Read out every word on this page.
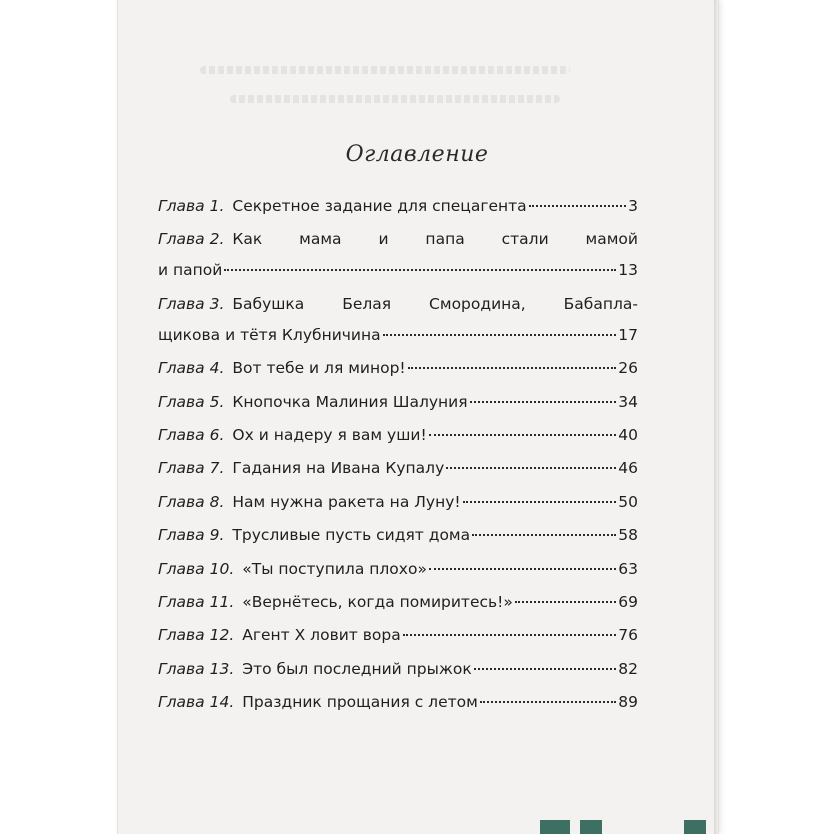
Оглавление
Глава 1. Секретное задание для спецагента	3
Глава 2. Как мама и папа стали мамой
и папой	13
Глава 3. Бабушка Белая Смородина, Бабапла-
щикова и тётя Клубничина	17
Глава 4. Вот тебе и ля минор!	26
Глава 5. Кнопочка Малиния Шалуния	34
Глава 6. Ох и надеру я вам уши!	40
Глава 7. Гадания на Ивана Купалу	46
Глава 8. Нам нужна ракета на Луну!	50
Глава 9. Трусливые пусть сидят дома	58
Глава 10. «Ты поступила плохо»	63
Глава 11. «Вернётесь, когда помиритесь!»	69
Глава 12. Агент Х ловит вора	76
Глава 13. Это был последний прыжок	82
Глава 14. Праздник прощания с летом	89
